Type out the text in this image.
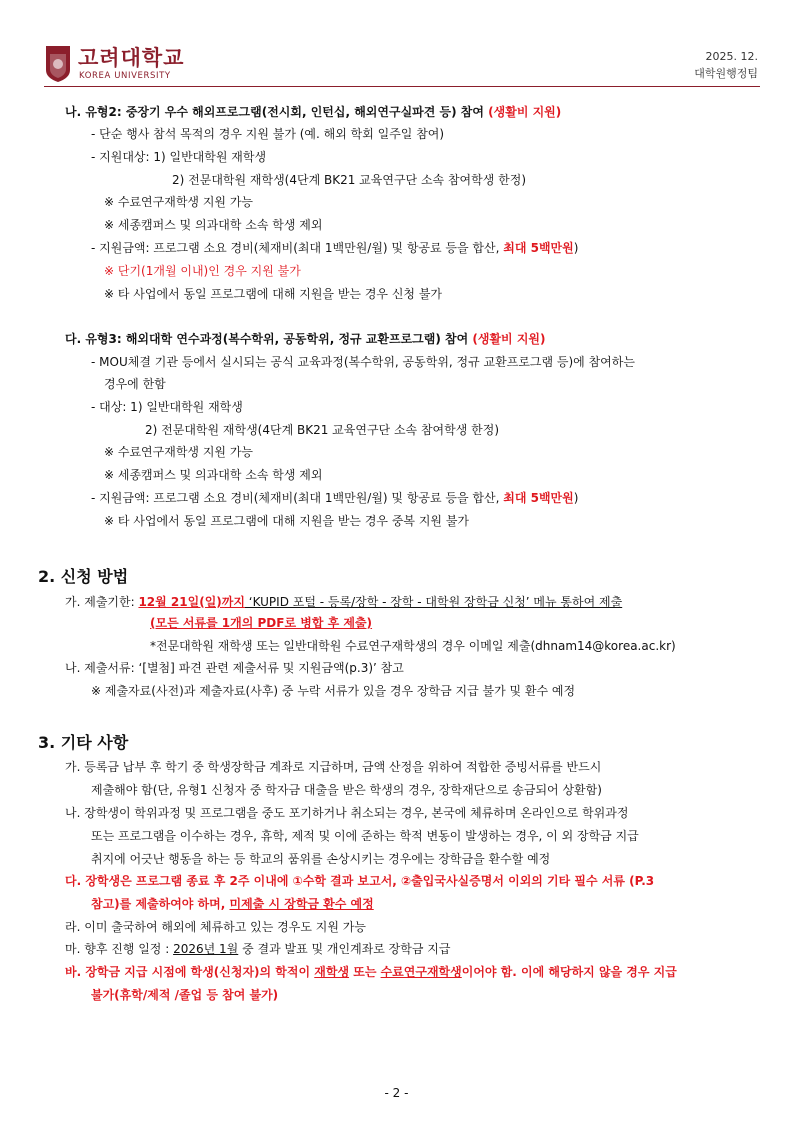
고려대학교
KOREA UNIVERSITY
2025. 12.
대학원행정팀
나. 유형2: 중장기 우수 해외프로그램(전시회, 인턴십, 해외연구실파견 등) 참여 (생활비 지원)
- 단순 행사 참석 목적의 경우 지원 불가 (예. 해외 학회 일주일 참여)
- 지원대상: 1) 일반대학원 재학생
2) 전문대학원 재학생(4단계 BK21 교육연구단 소속 참여학생 한정)
※ 수료연구재학생 지원 가능
※ 세종캠퍼스 및 의과대학 소속 학생 제외
- 지원금액: 프로그램 소요 경비(체재비(최대 1백만원/월) 및 항공료 등을 합산, 최대 5백만원)
※ 단기(1개월 이내)인 경우 지원 불가
※ 타 사업에서 동일 프로그램에 대해 지원을 받는 경우 신청 불가
다. 유형3: 해외대학 연수과정(복수학위, 공동학위, 정규 교환프로그램) 참여 (생활비 지원)
- MOU체결 기관 등에서 실시되는 공식 교육과정(복수학위, 공동학위, 정규 교환프로그램 등)에 참여하는
경우에 한함
- 대상: 1) 일반대학원 재학생
2) 전문대학원 재학생(4단계 BK21 교육연구단 소속 참여학생 한정)
※ 수료연구재학생 지원 가능
※ 세종캠퍼스 및 의과대학 소속 학생 제외
- 지원금액: 프로그램 소요 경비(체재비(최대 1백만원/월) 및 항공료 등을 합산, 최대 5백만원)
※ 타 사업에서 동일 프로그램에 대해 지원을 받는 경우 중복 지원 불가
2. 신청 방법
가. 제출기한: 12월 21일(일)까지 ‘KUPID 포털 - 등록/장학 - 장학 - 대학원 장학금 신청’ 메뉴 통하여 제출
(모든 서류를 1개의 PDF로 병합 후 제출)
*전문대학원 재학생 또는 일반대학원 수료연구재학생의 경우 이메일 제출(dhnam14@korea.ac.kr)
나. 제출서류: ‘[별첨] 파견 관련 제출서류 및 지원금액(p.3)’ 참고
※ 제출자료(사전)과 제출자료(사후) 중 누락 서류가 있을 경우 장학금 지급 불가 및 환수 예정
3. 기타 사항
가. 등록금 납부 후 학기 중 학생장학금 계좌로 지급하며, 금액 산정을 위하여 적합한 증빙서류를 반드시
제출해야 함(단, 유형1 신청자 중 학자금 대출을 받은 학생의 경우, 장학재단으로 송금되어 상환함)
나. 장학생이 학위과정 및 프로그램을 중도 포기하거나 취소되는 경우, 본국에 체류하며 온라인으로 학위과정
또는 프로그램을 이수하는 경우, 휴학, 제적 및 이에 준하는 학적 변동이 발생하는 경우, 이 외 장학금 지급
취지에 어긋난 행동을 하는 등 학교의 품위를 손상시키는 경우에는 장학금을 환수할 예정
다. 장학생은 프로그램 종료 후 2주 이내에 ①수학 결과 보고서, ②출입국사실증명서 이외의 기타 필수 서류 (P.3
참고)를 제출하여야 하며, 미제출 시 장학금 환수 예정
라. 이미 출국하여 해외에 체류하고 있는 경우도 지원 가능
마. 향후 진행 일정 : 2026년 1월 중 결과 발표 및 개인계좌로 장학금 지급
바. 장학금 지급 시점에 학생(신청자)의 학적이 재학생 또는 수료연구재학생이어야 함. 이에 해당하지 않을 경우 지급
불가(휴학/제적 /졸업 등 참여 불가)
- 2 -
